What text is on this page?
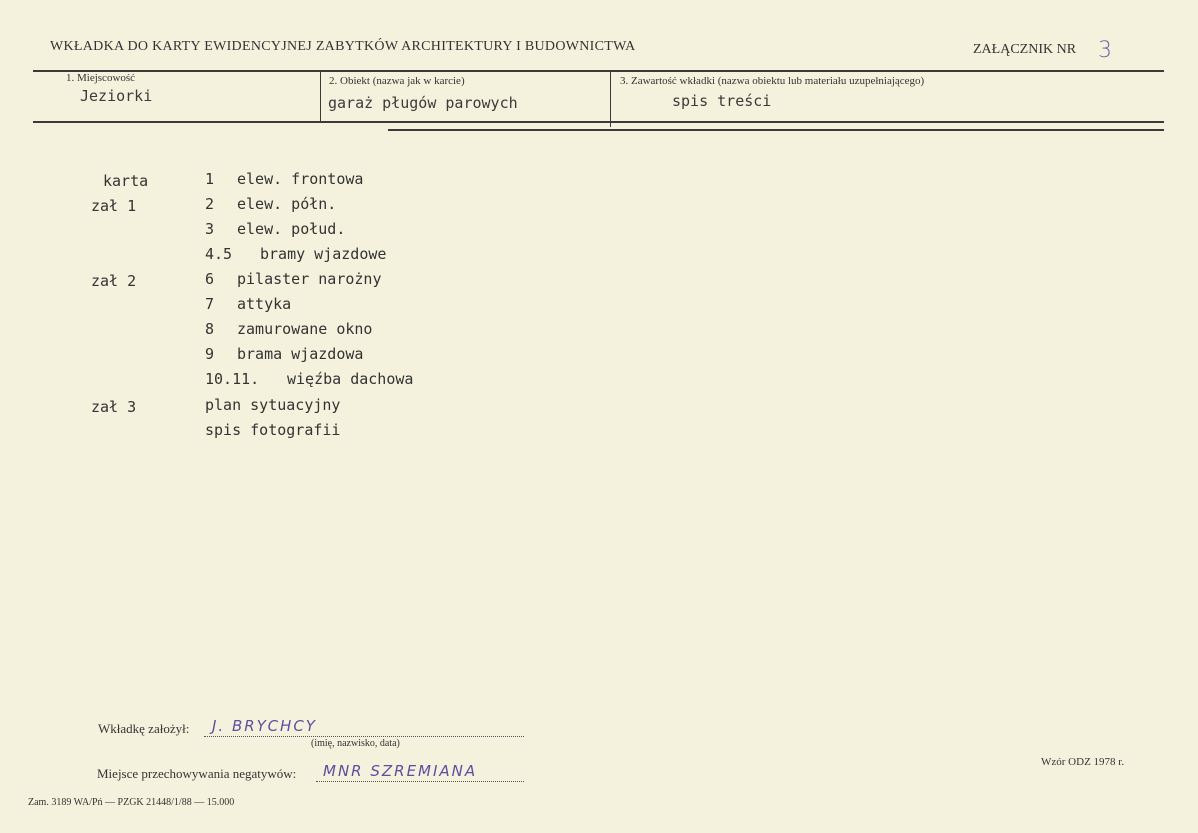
WKŁADKA DO KARTY EWIDENCYJNEJ ZABYTKÓW ARCHITEKTURY I BUDOWNICTWA	ZAŁĄCZNIK NR 3
1. Miejscowość
Jeziorki
2. Obiekt (nazwa jak w karcie)
garaż pługów parowych
3. Zawartość wkładki (nazwa obiektu lub materiału uzupełniającego)
spis treści
karta	1 elew. frontowa
zał 1	2 elew. półn.
3 elew. połud.
4.5 bramy wjazdowe
zał 2	6 pilaster narożny
7 attyka
8 zamurowane okno
9 brama wjazdowa
10.11. więźba dachowa
zał 3	plan sytuacyjny
spis fotografii
Wkładkę założył: J. BRYCHCY
(imię, nazwisko, data)
Miejsce przechowywania negatywów: MNR SZREMIANA	Wzór ODZ 1978 r.
Zam. 3189 WA/Pń — PZGK 21448/1/88 — 15.000
